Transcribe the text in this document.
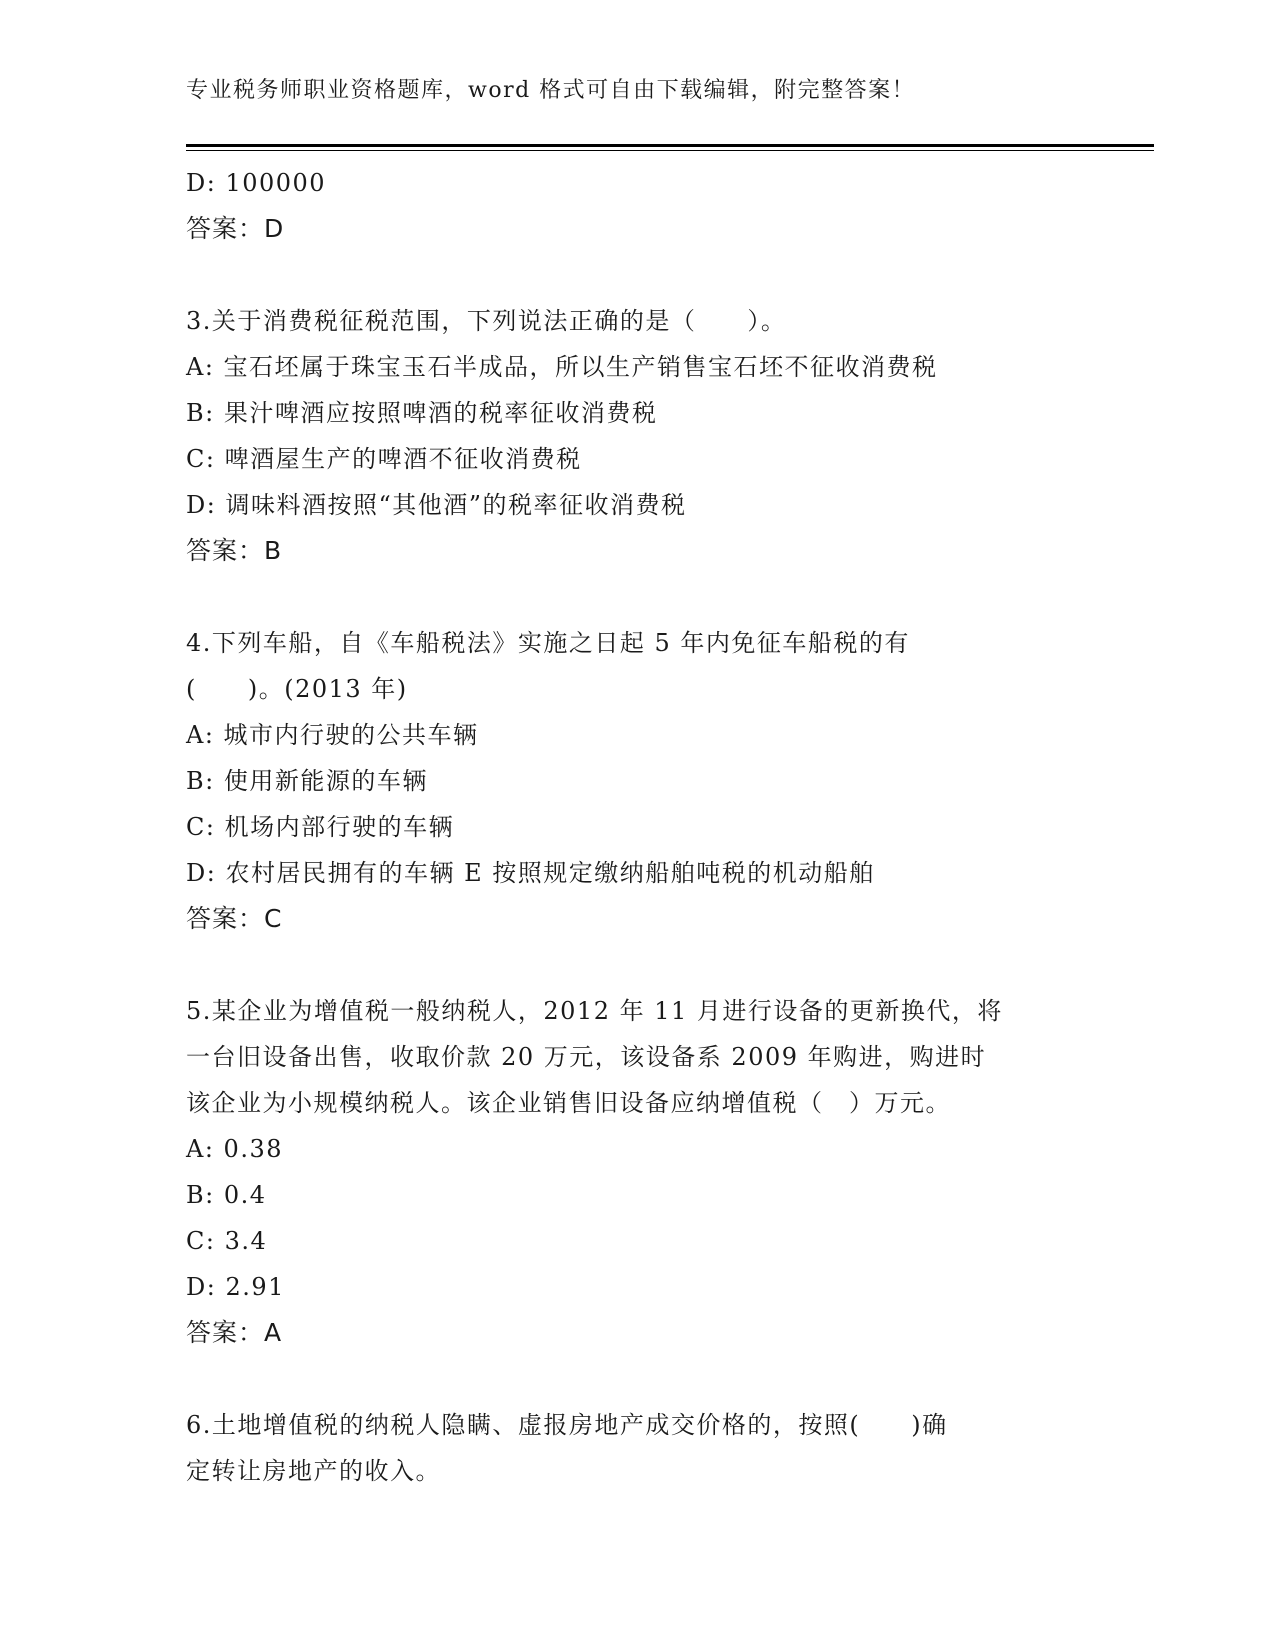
专业税务师职业资格题库，word 格式可自由下载编辑，附完整答案！
D: 100000
答案：D
3.关于消费税征税范围，下列说法正确的是（　　）。
A: 宝石坯属于珠宝玉石半成品，所以生产销售宝石坯不征收消费税
B: 果汁啤酒应按照啤酒的税率征收消费税
C: 啤酒屋生产的啤酒不征收消费税
D: 调味料酒按照“其他酒”的税率征收消费税
答案：B
4.下列车船，自《车船税法》实施之日起 5 年内免征车船税的有
(　　)。(2013 年)
A: 城市内行驶的公共车辆
B: 使用新能源的车辆
C: 机场内部行驶的车辆
D: 农村居民拥有的车辆 E 按照规定缴纳船舶吨税的机动船舶
答案：C
5.某企业为增值税一般纳税人，2012 年 11 月进行设备的更新换代，将
一台旧设备出售，收取价款 20 万元，该设备系 2009 年购进，购进时
该企业为小规模纳税人。该企业销售旧设备应纳增值税（　）万元。
A: 0.38
B: 0.4
C: 3.4
D: 2.91
答案：A
6.土地增值税的纳税人隐瞒、虚报房地产成交价格的，按照(　　)确
定转让房地产的收入。
